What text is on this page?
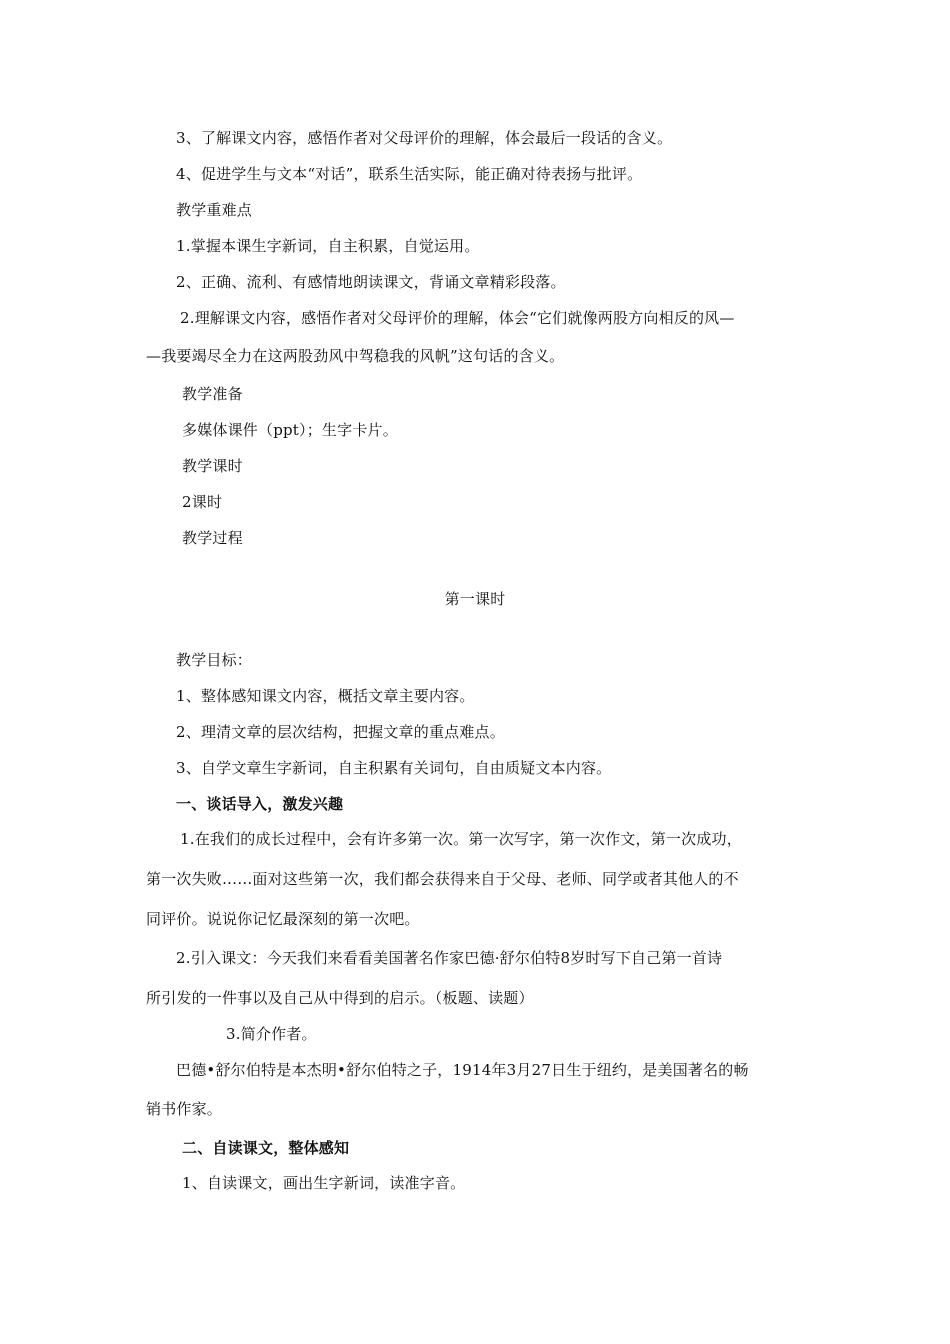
3、了解课文内容，感悟作者对父母评价的理解，体会最后一段话的含义。
4、促进学生与文本“对话”，联系生活实际，能正确对待表扬与批评。
教学重难点
1.掌握本课生字新词，自主积累，自觉运用。
2、正确、流利、有感情地朗读课文，背诵文章精彩段落。
2.理解课文内容，感悟作者对父母评价的理解，体会“它们就像两股方向相反的风—
—我要竭尽全力在这两股劲风中驾稳我的风帆”这句话的含义。
教学准备
多媒体课件（ppt）；生字卡片。
教学课时
2课时
教学过程
第一课时
教学目标：
1、整体感知课文内容，概括文章主要内容。
2、理清文章的层次结构，把握文章的重点难点。
3、自学文章生字新词，自主积累有关词句，自由质疑文本内容。
一、谈话导入，激发兴趣
1.在我们的成长过程中，会有许多第一次。第一次写字，第一次作文，第一次成功，
第一次失败……面对这些第一次，我们都会获得来自于父母、老师、同学或者其他人的不
同评价。说说你记忆最深刻的第一次吧。
2.引入课文：今天我们来看看美国著名作家巴德·舒尔伯特8岁时写下自己第一首诗
所引发的一件事以及自己从中得到的启示。（板题、读题）
3.简介作者。
巴德•舒尔伯特是本杰明•舒尔伯特之子，1914年3月27日生于纽约，是美国著名的畅
销书作家。
二、自读课文，整体感知
1、自读课文，画出生字新词，读准字音。
